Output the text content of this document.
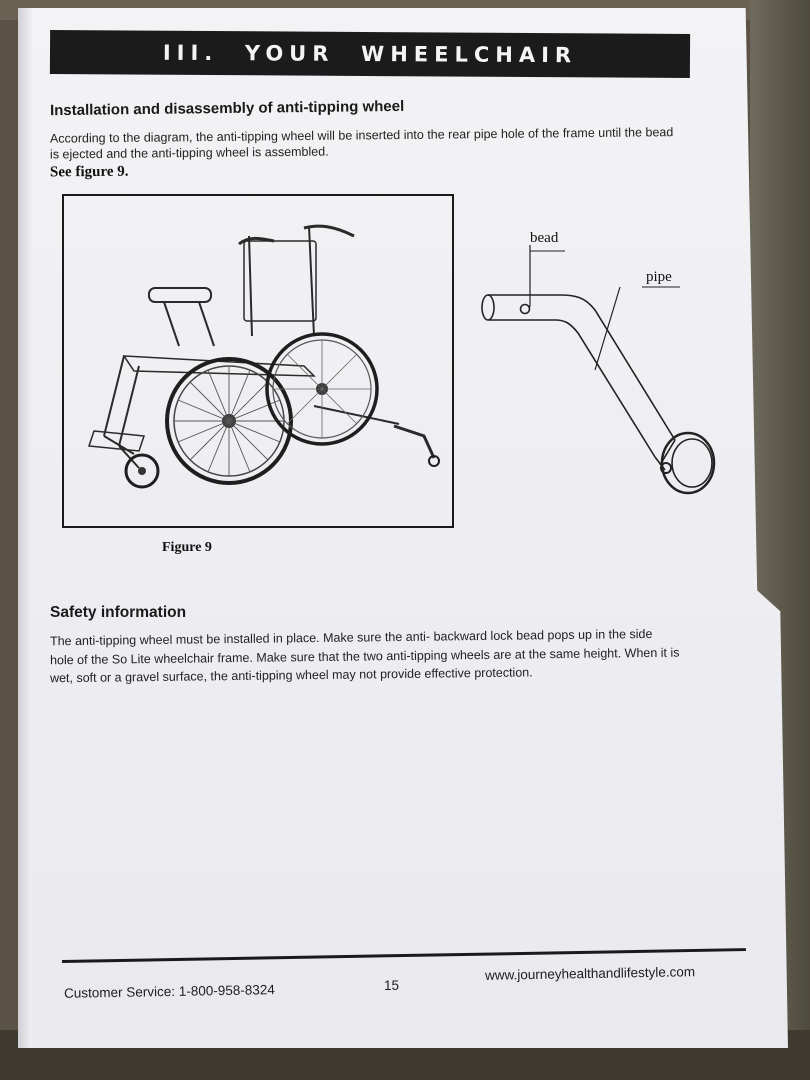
III.  YOUR  WHEELCHAIR
Installation and disassembly of anti-tipping wheel
According to the diagram, the anti-tipping wheel will be inserted into the rear pipe hole of the frame until the bead
is ejected and the anti-tipping wheel is assembled.
See figure 9.
Figure 9
bead
pipe
Safety information
The anti-tipping wheel must be installed in place. Make sure the anti- backward lock bead pops up in the side
hole of the So Lite wheelchair frame. Make sure that the two anti-tipping wheels are at the same height. When it is
wet, soft or a gravel surface, the anti-tipping wheel may not provide effective protection.
Customer Service: 1-800-958-8324	15
www.journeyhealthandlifestyle.com
